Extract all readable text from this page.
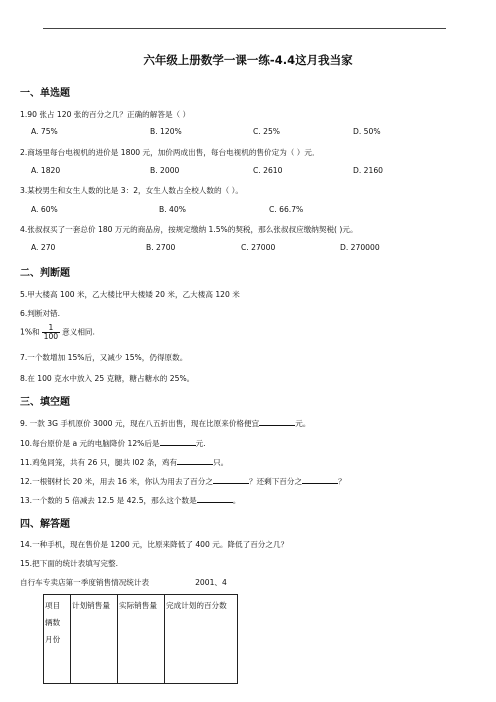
六年级上册数学一课一练-4.4这月我当家
一、单选题
1.90 张占 120 张的百分之几？正确的解答是（ ）
A. 75%	B. 120%	C. 25%	D. 50%
2.商场里每台电视机的进价是 1800 元，加价两成出售，每台电视机的售价定为（ ）元．
A. 1820	B. 2000	C. 2610	D. 2160
3.某校男生和女生人数的比是 3：2，女生人数占全校人数的（ ）。
A. 60%	B. 40%	C. 66.7%
4.张叔叔买了一套总价 180 万元的商品房，按规定缴纳 1.5%的契税，那么张叔叔应缴纳契税( )元。
A. 270	B. 2700	C. 27000	D. 270000
二、判断题
5.甲大楼高 100 米，乙大楼比甲大楼矮 20 米，乙大楼高 120 米
6.判断对错.
1%和 $\frac{1}{100}$ 意义相同.
7.一个数增加 15%后，又减少 15%，仍得原数。
8.在 100 克水中放入 25 克糖，糖占糖水的 25%。
三、填空题
9. 一款 3G 手机原价 3000 元，现在八五折出售，现在比原来价格便宜	元。
10.每台原价是 a 元的电脑降价 12%后是	元.
11.鸡兔同笼，共有 26 只，腿共 l02 条，鸡有	只。
12.一根钢材长 20 米，用去 16 米，你认为用去了百分之	？还剩下百分之	？
13.一个数的 5 倍减去 12.5 是 42.5，那么这个数是	。
四、解答题
14.一种手机，现在售价是 1200 元，比原来降低了 400 元。降低了百分之几？
15.把下面的统计表填写完整.
自行车专卖店第一季度销售情况统计表	2001、4
项目
辆数
月份
	计划销售量	实际销售量	完成计划的百分数
